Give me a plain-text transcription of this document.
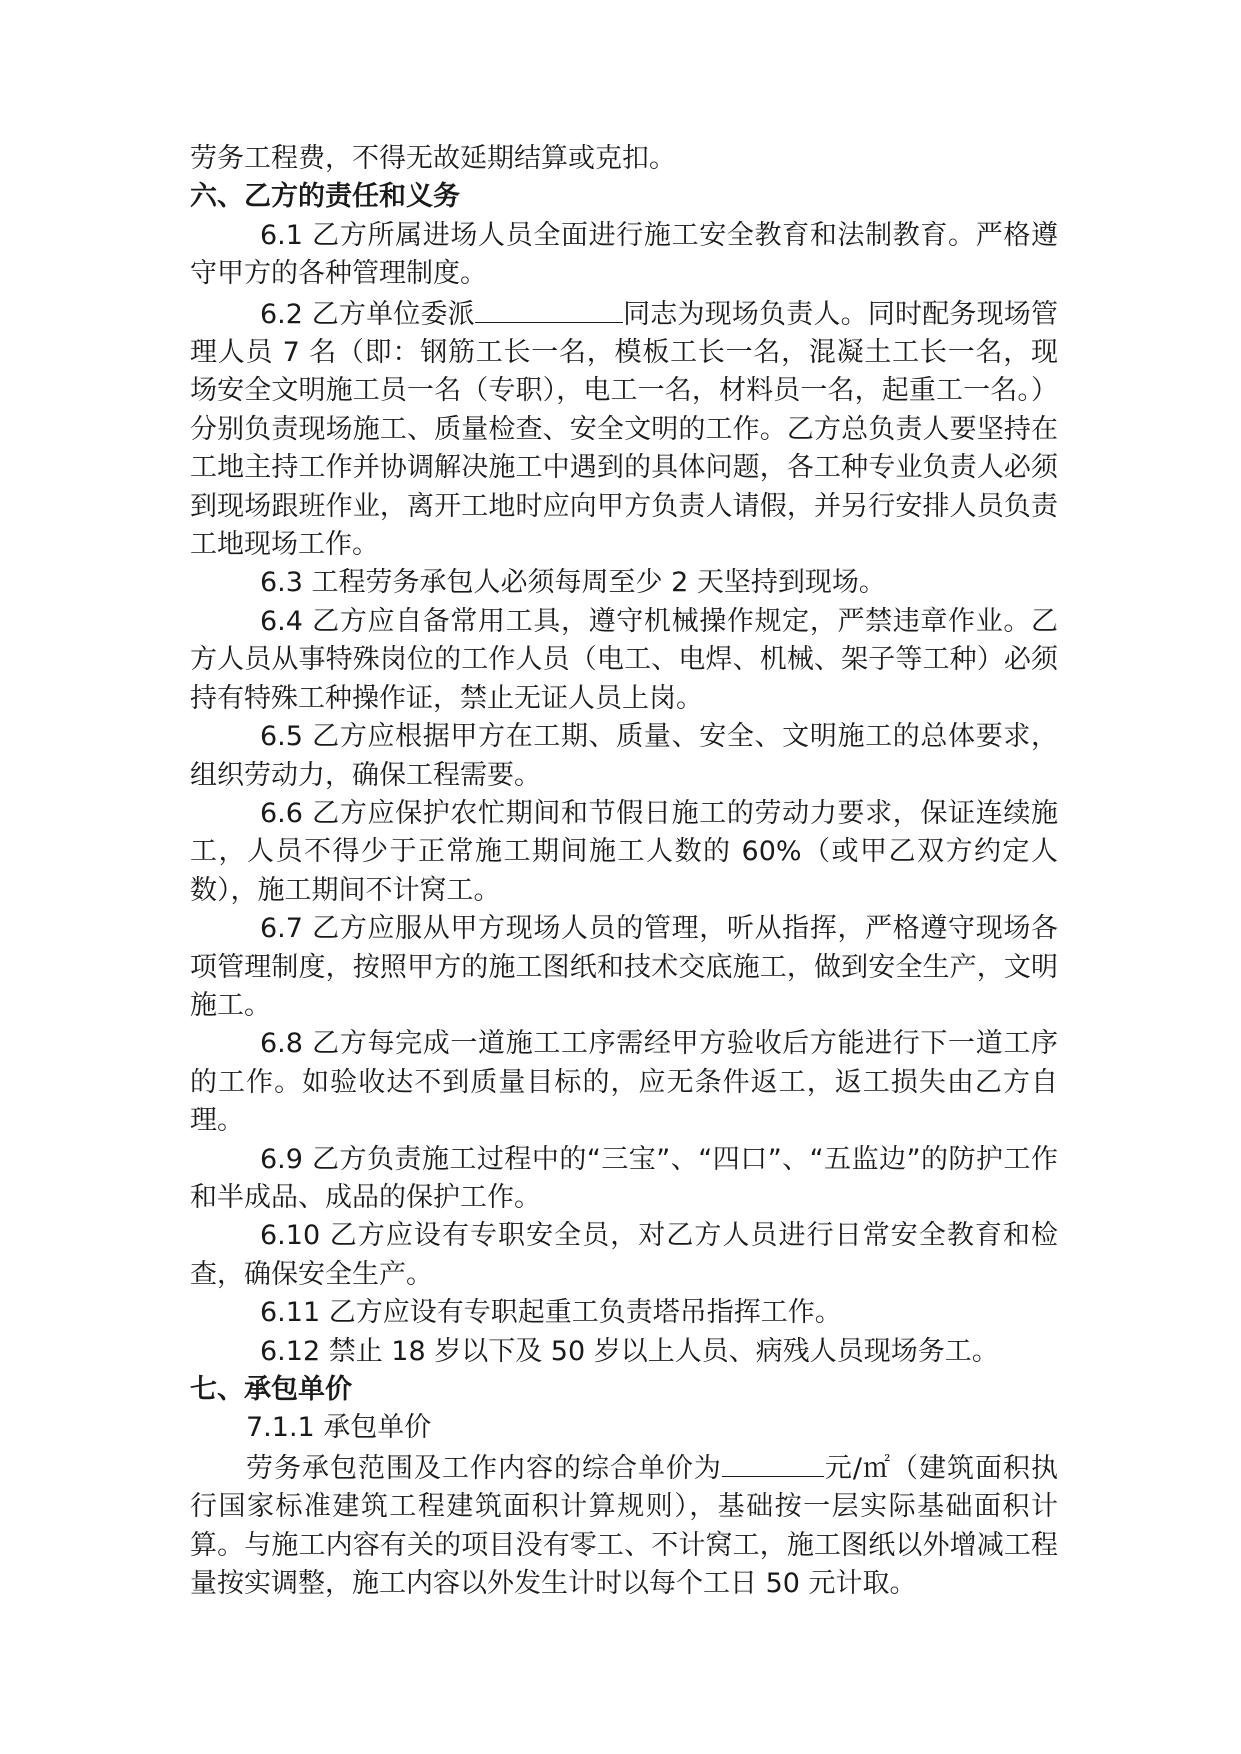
劳务工程费，不得无故延期结算或克扣。

六、乙方的责任和义务

6.1 乙方所属进场人员全面进行施工安全教育和法制教育。严格遵守甲方的各种管理制度。

6.2 乙方单位委派	同志为现场负责人。同时配务现场管理人员 7 名（即：钢筋工长一名，模板工长一名，混凝土工长一名，现场安全文明施工员一名（专职），电工一名，材料员一名，起重工一名。）分别负责现场施工、质量检查、安全文明的工作。乙方总负责人要坚持在工地主持工作并协调解决施工中遇到的具体问题，各工种专业负责人必须到现场跟班作业，离开工地时应向甲方负责人请假，并另行安排人员负责工地现场工作。

6.3 工程劳务承包人必须每周至少 2 天坚持到现场。

6.4 乙方应自备常用工具，遵守机械操作规定，严禁违章作业。乙方人员从事特殊岗位的工作人员（电工、电焊、机械、架子等工种）必须持有特殊工种操作证，禁止无证人员上岗。

6.5 乙方应根据甲方在工期、质量、安全、文明施工的总体要求，组织劳动力，确保工程需要。

6.6 乙方应保护农忙期间和节假日施工的劳动力要求，保证连续施工，人员不得少于正常施工期间施工人数的 60%（或甲乙双方约定人数），施工期间不计窝工。

6.7 乙方应服从甲方现场人员的管理，听从指挥，严格遵守现场各项管理制度，按照甲方的施工图纸和技术交底施工，做到安全生产，文明施工。

6.8 乙方每完成一道施工工序需经甲方验收后方能进行下一道工序的工作。如验收达不到质量目标的，应无条件返工，返工损失由乙方自理。

6.9 乙方负责施工过程中的“三宝”、“四口”、“五监边”的防护工作和半成品、成品的保护工作。

6.10 乙方应设有专职安全员，对乙方人员进行日常安全教育和检查，确保安全生产。

6.11 乙方应设有专职起重工负责塔吊指挥工作。

6.12 禁止 18 岁以下及 50 岁以上人员、病残人员现场务工。

七、承包单价

7.1.1 承包单价

劳务承包范围及工作内容的综合单价为	元/㎡（建筑面积执行国家标准建筑工程建筑面积计算规则），基础按一层实际基础面积计算。与施工内容有关的项目没有零工、不计窝工，施工图纸以外增减工程量按实调整，施工内容以外发生计时以每个工日 50 元计取。
